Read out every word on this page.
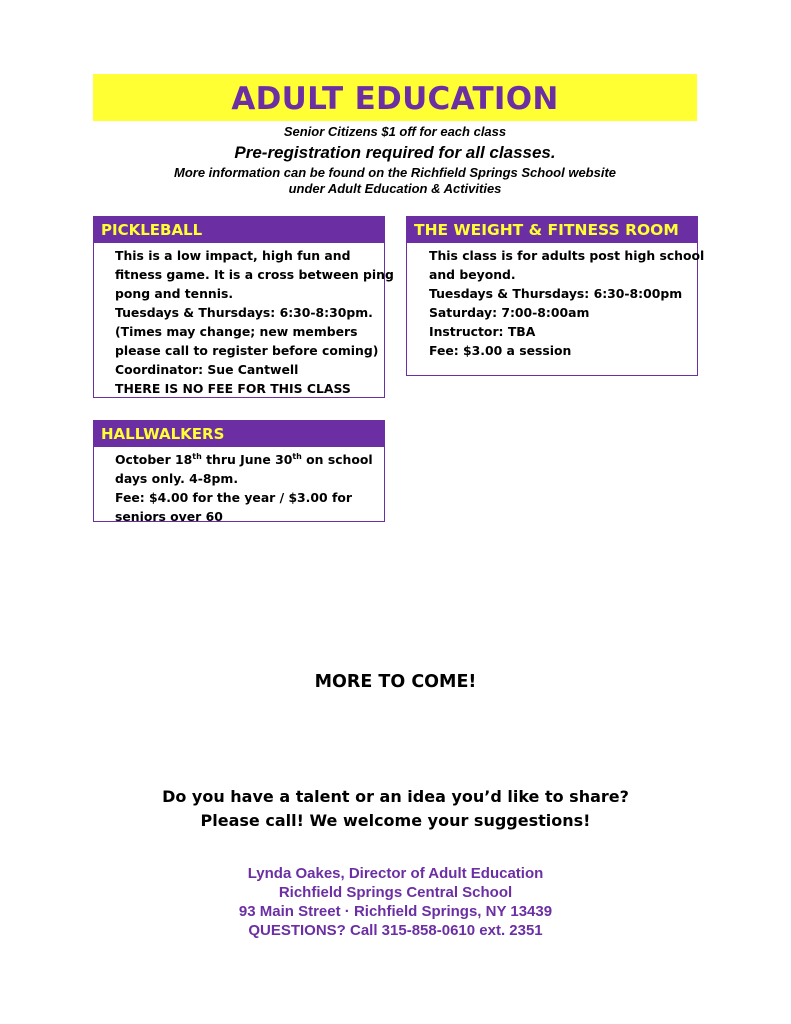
ADULT EDUCATION
Senior Citizens $1 off for each class
Pre-registration required for all classes.
More information can be found on the Richfield Springs School website
under Adult Education & Activities
PICKLEBALL
This is a low impact, high fun and
fitness game. It is a cross between ping
pong and tennis.
Tuesdays & Thursdays: 6:30-8:30pm.
(Times may change; new members
please call to register before coming)
Coordinator: Sue Cantwell
THERE IS NO FEE FOR THIS CLASS
THE WEIGHT & FITNESS ROOM
This class is for adults post high school
and beyond.
Tuesdays & Thursdays: 6:30-8:00pm
Saturday: 7:00-8:00am
Instructor: TBA
Fee: $3.00 a session
HALLWALKERS
October 18th thru June 30th on school
days only. 4-8pm.
Fee: $4.00 for the year / $3.00 for
seniors over 60
MORE TO COME!
Do you have a talent or an idea you’d like to share?
Please call! We welcome your suggestions!
Lynda Oakes, Director of Adult Education
Richfield Springs Central School
93 Main Street · Richfield Springs, NY 13439
QUESTIONS? Call 315-858-0610 ext. 2351
